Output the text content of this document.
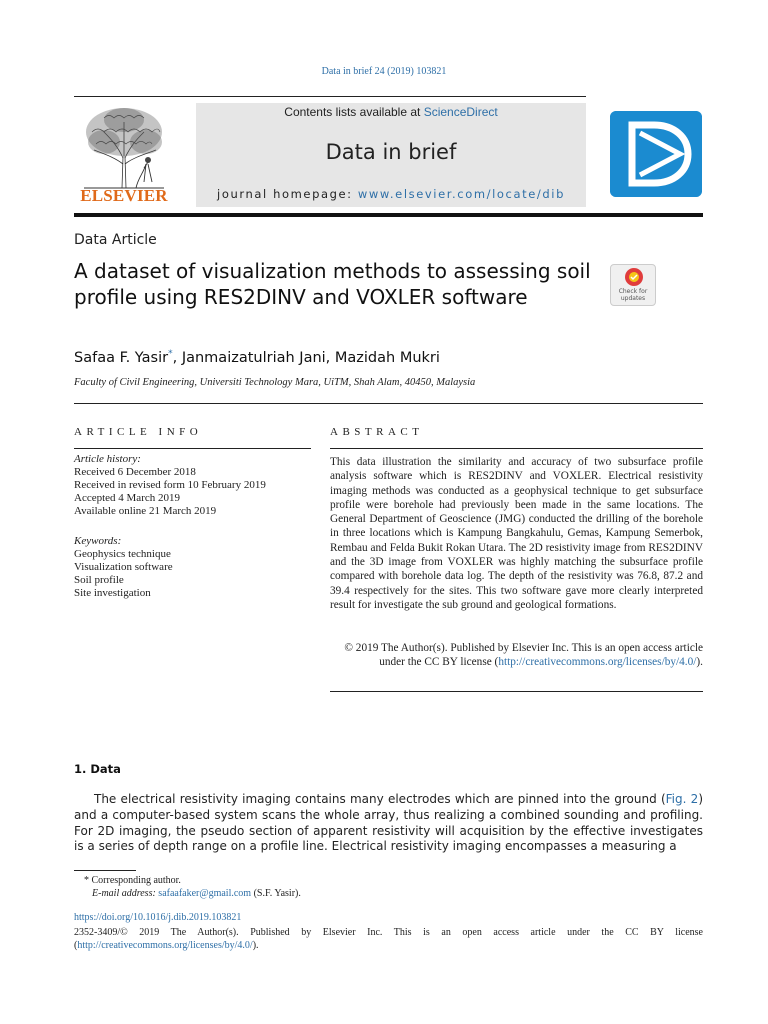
Data in brief 24 (2019) 103821
ELSEVIER
Contents lists available at ScienceDirect
Data in brief
journal homepage: www.elsevier.com/locate/dib
Data Article
A dataset of visualization methods to assessing soil profile using RES2DINV and VOXLER software	Check for updates
Safaa F. Yasir*, Janmaizatulriah Jani, Mazidah Mukri
Faculty of Civil Engineering, Universiti Technology Mara, UiTM, Shah Alam, 40450, Malaysia
ARTICLE INFO	ABSTRACT
Article history:
Received 6 December 2018
Received in revised form 10 February 2019
Accepted 4 March 2019
Available online 21 March 2019
Keywords:
Geophysics technique
Visualization software
Soil profile
Site investigation
This data illustration the similarity and accuracy of two subsurface profile analysis software which is RES2DINV and VOXLER. Electrical resistivity imaging methods was conducted as a geophysical technique to get subsurface profile were borehole had previously been made in the same locations. The General Department of Geoscience (JMG) conducted the drilling of the borehole in three locations which is Kampung Bangkahulu, Gemas, Kampung Semerbok, Rembau and Felda Bukit Rokan Utara. The 2D resistivity image from RES2DINV and the 3D image from VOXLER was highly matching the subsurface profile compared with borehole data log. The depth of the resistivity was 76.8, 87.2 and 39.4 respectively for the sites. This two software gave more clearly interpreted result for investigate the sub ground and geological formations.
© 2019 The Author(s). Published by Elsevier Inc. This is an open access article under the CC BY license (http://creativecommons.org/licenses/by/4.0/).
1. Data
The electrical resistivity imaging contains many electrodes which are pinned into the ground (Fig. 2) and a computer-based system scans the whole array, thus realizing a combined sounding and profiling. For 2D imaging, the pseudo section of apparent resistivity will acquisition by the effective investigates is a series of depth range on a profile line. Electrical resistivity imaging encompasses a measuring a
* Corresponding author.
E-mail address: safaafaker@gmail.com (S.F. Yasir).
https://doi.org/10.1016/j.dib.2019.103821
2352-3409/© 2019 The Author(s). Published by Elsevier Inc. This is an open access article under the CC BY license (http://creativecommons.org/licenses/by/4.0/).
